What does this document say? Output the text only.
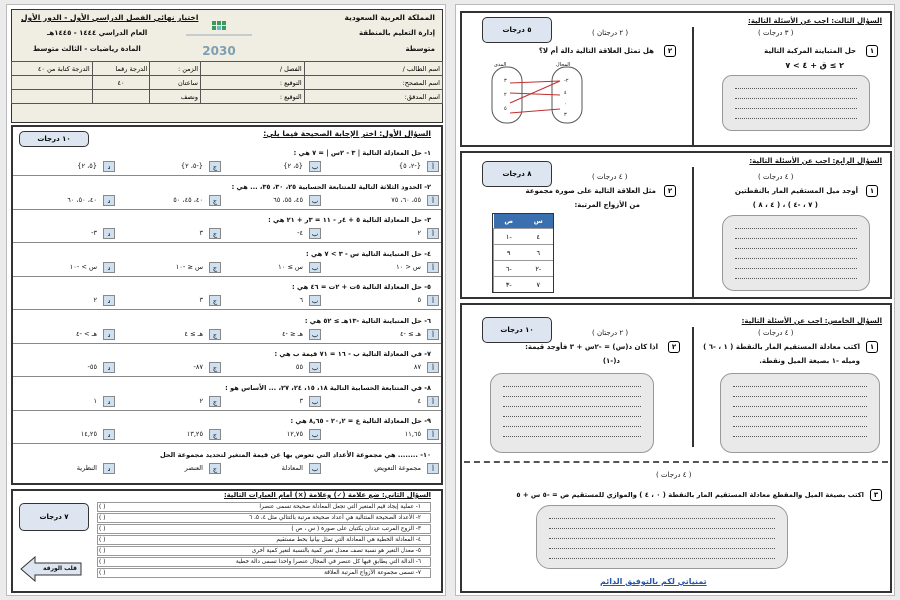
المملكة العربية السعودية
إدارة التعليم بالمنطقة
متوسطة
2030
اختبار نهائي الفصل الدراسي الأول - الدور الأول
العام الدراسي ١٤٤٤ - ١٤٤٥هـ
المادة رياضيات - الثالث متوسط
اسم الطالب /	الفصل /	الزمن :	الدرجة رقما	الدرجة كتابة من ٤٠
اسم المصحح:	التوقيع :	ساعتان	٤٠	
اسم المدقق:	التوقيع :	ونصف		
١٠ درجات
السؤال الأول: اختر الإجابة الصحيحة فيما يلي:
٧ درجات
السؤال الثاني: ضع علامة (✓) وعلامة (×) أمام العبارات التالية:
قلب الورقة
١- حل المعادلة التالية | ٣ - ٢س | = ٧ هي :
أ
{-٢، ٥}
ب
{٥، ٢}
ج
{-٥، ٢}
د
{٥، ٢}
٢- الحدود الثلاثة التالية للمتتابعة الحسابية ٢٥، ٣٠، ٣٥، ... هي :
أ
٥٥، ٦٠، ٧٥
ب
٤٥، ٥٥، ٦٥
ج
٤٠، ٤٥، ٥٠
د
٤٠، ٥٠، ٦٠
٣- حل المعادلة التالية ٥ + ٤ر - ١١ = ٣ر + ٢١ هي :
أ
٢
ب
٤-
ج
٣
د
٣-
٤- حل المتباينة التالية س - ٣ > ٧ هي :
أ
س < ١٠
ب
س ≥ ١٠
ج
س ≤ -١٠
د
س > -١٠
٥- حل المعادلة التالية ٥ت + ٢ت = ٤٦ هي :
أ
٥
ب
٦
ج
٣
د
٢
٦- حل المتباينة التالية -١٣هـ ≥ ٥٢ هي :
أ
هـ ≥ -٤
ب
هـ ≤ -٤
ج
هـ ≥ ٤
د
هـ > -٤
٧- في المعادلة التالية ب - ١٦ = ٧١ قيمة ب هي :
أ
٨٧
ب
٥٥
ج
٨٧-
د
٥٥-
٨- في المتتابعة الحسابية التالية ١٨، ١٥، ٢٤، ٢٧، ... الأساس هو :
أ
٤
ب
٣
ج
٢
د
١
٩- حل المعادلة التالية ع = ٢٠,٢ - ٨,٦٥ هي :
أ
١١,٦٥
ب
١٢,٧٥
ج
١٣,٢٥
د
١٤,٢٥
١٠- ........ هي مجموعة الأعداد التي تعوض بها عن قيمة المتغير لتحديد مجموعة الحل
أ
مجموعة التعويض
ب
المعادلة
ج
العنصر
د
النظرية
١- عملية إيجاد قيم المتغير التي تجعل المعادلة صحيحة تسمى عنصرا
( )
٢- الأعداد الصحيحة المتتالية هي أعداد صحيحة مرتبة بالتتالي مثل ٤، ٥، ٦
( )
٣- الزوج المرتب عددان يكتبان على صورة ( س ، ص )
( )
٤- المعادلة الخطية هي المعادلة التي تمثل بيانيا بخط مستقيم
( )
٥- معدل التغير هو نسبة تصف معدل تغير كمية بالنسبة لتغير كمية أخرى
( )
٦- الدالة التي يطابق فيها كل عنصر في المجال عنصرا واحدا تسمى دالة خطية
( )
٧- تسمى مجموعة الأزواج المرتبة العلاقة
( )
٥ درجات
السؤال الثالث: اجب عن الأسئلة التالية:
( ٣ درجات )
١
حل المتباينة المركبة التالية
٢ ≥ ق + ٤ > ٧
( ٢ درجتان )
٢
هل تمثل العلاقة التالية دالة أم لا؟
المدى	المجال
٣
٢
٥
-٢
٤
٠
٣
٨ درجات
السؤال الرابع: اجب عن الأسئلة التالية:
( ٤ درجات )
١
أوجد ميل المستقيم المار بالنقطتين
( ٧ ، -٤ ) ، ( ٤ ، ٨ )
( ٤ درجات )
٢
مثل العلاقة التالية على صورة مجموعة
من الأزواج المرتبة:
ص	س
١-	٤
٩	٦
٦-	٢-
٣-	٧
١٠ درجات
السؤال الخامس: اجب عن الأسئلة التالية:
( ٤ درجات )
١
اكتب معادلة المستقيم المار بالنقطة ( ١ ، -٦ )
وميله -١ بصيغة الميل ونقطة.
( ٢ درجتان )
٢
اذا كان د(س) = -٢س + ٣ فأوجد قيمة:
د(-١)
( ٤ درجات )
٣
اكتب بصيغة الميل والمقطع معادلة المستقيم المار بالنقطة ( ٠ ، ٤ ) والموازي للمستقيم ص = -٥ س + ٥
تمنياتي لكم بالتوفيق الدائم
